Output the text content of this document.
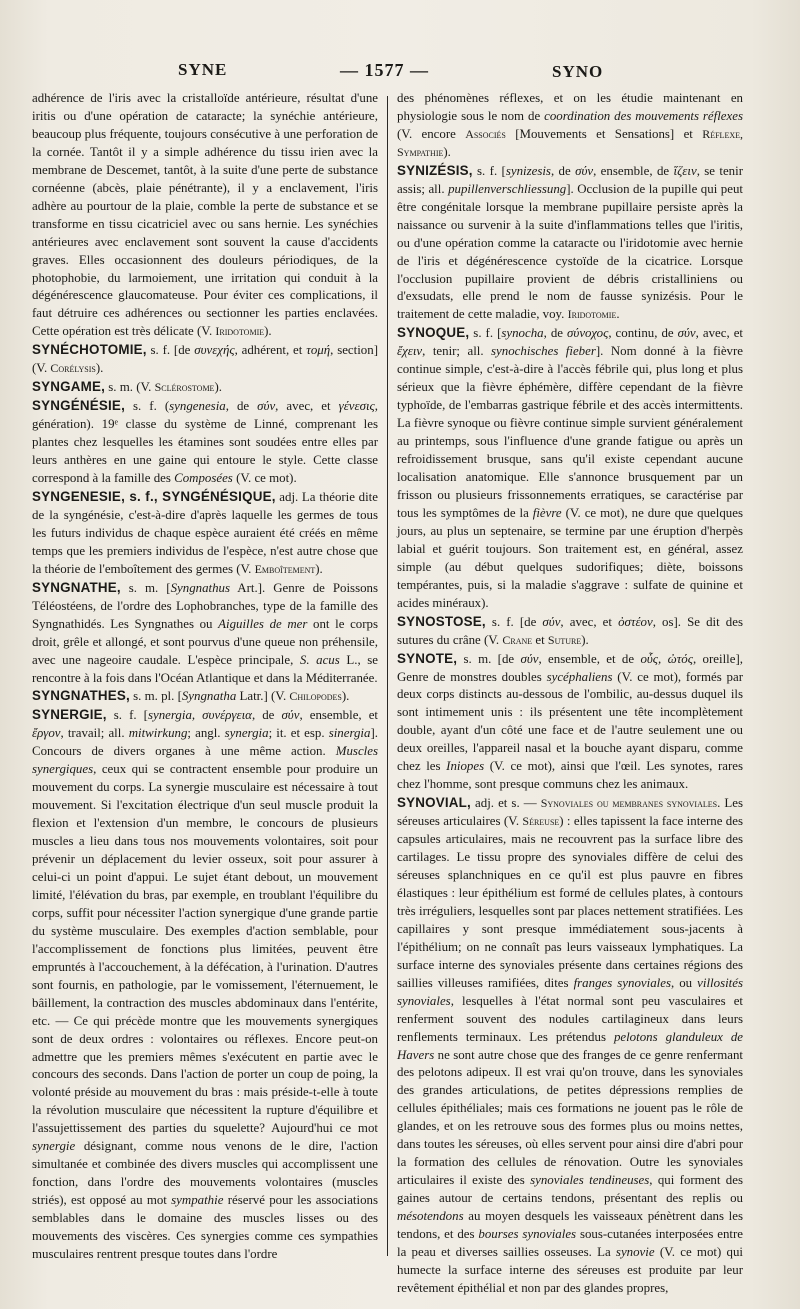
SYNE	— 1577 —	SYNO

adhérence de l'iris avec la cristalloïde antérieure, résultat d'une iritis ou d'une opération de cataracte; la synéchie antérieure, beaucoup plus fréquente, toujours consécutive à une perforation de la cornée. Tantôt il y a simple adhérence du tissu irien avec la membrane de Descemet, tantôt, à la suite d'une perte de substance cornéenne (abcès, plaie pénétrante), il y a enclavement, l'iris adhère au pourtour de la plaie, comble la perte de substance et se transforme en tissu cicatriciel avec ou sans hernie. Les synéchies antérieures avec enclavement sont souvent la cause d'accidents graves. Elles occasionnent des douleurs périodiques, de la photophobie, du larmoiement, une irritation qui conduit à la dégénérescence glaucomateuse. Pour éviter ces complications, il faut détruire ces adhérences ou sectionner les parties enclavées. Cette opération est très délicate (V. Iridotomie).

SYNÉCHOTOMIE, s. f. [de συνεχής, adhérent, et τομή, section] (V. Corélysis).

SYNGAME, s. m. (V. Sclérostome).

SYNGÉNÉSIE, s. f. (syngenesia, de σύν, avec, et γένεσις, génération). 19ᵉ classe du système de Linné, comprenant les plantes chez lesquelles les étamines sont soudées entre elles par leurs anthères en une gaine qui entoure le style. Cette classe correspond à la famille des Composées (V. ce mot).

SYNGENESIE, s. f., SYNGÉNÉSIQUE, adj. La théorie dite de la syngénésie, c'est-à-dire d'après laquelle les germes de tous les futurs individus de chaque espèce auraient été créés en même temps que les premiers individus de l'espèce, n'est autre chose que la théorie de l'emboîtement des germes (V. Emboîtement).

SYNGNATHE, s. m. [Syngnathus Art.]. Genre de Poissons Téléostéens, de l'ordre des Lophobranches, type de la famille des Syngnathidés. Les Syngnathes ou Aiguilles de mer ont le corps droit, grêle et allongé, et sont pourvus d'une queue non préhensile, avec une nageoire caudale. L'espèce principale, S. acus L., se rencontre à la fois dans l'Océan Atlantique et dans la Méditerranée.

SYNGNATHES, s. m. pl. [Syngnatha Latr.] (V. Chilopodes).

SYNERGIE, s. f. [synergia, συνέργεια, de σύν, ensemble, et ἔργον, travail; all. mitwirkung; angl. synergia; it. et esp. sinergia]. Concours de divers organes à une même action. Muscles synergiques, ceux qui se contractent ensemble pour produire un mouvement du corps. La synergie musculaire est nécessaire à tout mouvement. Si l'excitation électrique d'un seul muscle produit la flexion et l'extension d'un membre, le concours de plusieurs muscles a lieu dans tous nos mouvements volontaires, soit pour prévenir un déplacement du levier osseux, soit pour assurer à celui-ci un point d'appui. Le sujet étant debout, un mouvement limité, l'élévation du bras, par exemple, en troublant l'équilibre du corps, suffit pour nécessiter l'action synergique d'une grande partie du système musculaire. Des exemples d'action semblable, pour l'accomplissement de fonctions plus limitées, peuvent être empruntés à l'accouchement, à la défécation, à l'urination. D'autres sont fournis, en pathologie, par le vomissement, l'éternuement, le bâillement, la contraction des muscles abdominaux dans l'entérite, etc. — Ce qui précède montre que les mouvements synergiques sont de deux ordres : volontaires ou réflexes. Encore peut-on admettre que les premiers mêmes s'exécutent en partie avec le concours des seconds. Dans l'action de porter un coup de poing, la volonté préside au mouvement du bras : mais préside-t-elle à toute la révolution musculaire que nécessitent la rupture d'équilibre et l'assujettissement des parties du squelette? Aujourd'hui ce mot synergie désignant, comme nous venons de le dire, l'action simultanée et combinée des divers muscles qui accomplissent une fonction, dans l'ordre des mouvements volontaires (muscles striés), est opposé au mot sympathie réservé pour les associations semblables dans le domaine des muscles lisses ou des mouvements des viscères. Ces synergies comme ces sympathies musculaires rentrent presque toutes dans l'ordre

des phénomènes réflexes, et on les étudie maintenant en physiologie sous le nom de coordination des mouvements réflexes (V. encore Associés [Mouvements et Sensations] et Réflexe, Sympathie).

SYNIZÉSIS, s. f. [synizesis, de σύν, ensemble, de ἵζειν, se tenir assis; all. pupillenverschliessung]. Occlusion de la pupille qui peut être congénitale lorsque la membrane pupillaire persiste après la naissance ou survenir à la suite d'inflammations telles que l'iritis, ou d'une opération comme la cataracte ou l'iridotomie avec hernie de l'iris et dégénérescence cystoïde de la cicatrice. Lorsque l'occlusion pupillaire provient de débris cristalliniens ou d'exsudats, elle prend le nom de fausse synizésis. Pour le traitement de cette maladie, voy. Iridotomie.

SYNOQUE, s. f. [synocha, de σύνοχος, continu, de σύν, avec, et ἔχειν, tenir; all. synochisches fieber]. Nom donné à la fièvre continue simple, c'est-à-dire à l'accès fébrile qui, plus long et plus sérieux que la fièvre éphémère, diffère cependant de la fièvre typhoïde, de l'embarras gastrique fébrile et des accès intermittents. La fièvre synoque ou fièvre continue simple survient généralement au printemps, sous l'influence d'une grande fatigue ou après un refroidissement brusque, sans qu'il existe cependant aucune localisation anatomique. Elle s'annonce brusquement par un frisson ou plusieurs frissonnements erratiques, se caractérise par tous les symptômes de la fièvre (V. ce mot), ne dure que quelques jours, au plus un septenaire, se termine par une éruption d'herpès labial et guérit toujours. Son traitement est, en général, assez simple (au début quelques sudorifiques; diète, boissons tempérantes, puis, si la maladie s'aggrave : sulfate de quinine et acides minéraux).

SYNOSTOSE, s. f. [de σύν, avec, et ὀστέον, os]. Se dit des sutures du crâne (V. Crane et Suture).

SYNOTE, s. m. [de σύν, ensemble, et de οὖς, ὠτός, oreille], Genre de monstres doubles sycéphaliens (V. ce mot), formés par deux corps distincts au-dessous de l'ombilic, au-dessus duquel ils sont intimement unis : ils présentent une tête incomplètement double, ayant d'un côté une face et de l'autre seulement une ou deux oreilles, l'appareil nasal et la bouche ayant disparu, comme chez les Iniopes (V. ce mot), ainsi que l'œil. Les synotes, rares chez l'homme, sont presque communs chez les animaux.

SYNOVIAL, adj. et s. — Synoviales ou membranes synoviales. Les séreuses articulaires (V. Séreuse) : elles tapissent la face interne des capsules articulaires, mais ne recouvrent pas la surface libre des cartilages. Le tissu propre des synoviales diffère de celui des séreuses splanchniques en ce qu'il est plus pauvre en fibres élastiques : leur épithélium est formé de cellules plates, à contours très irréguliers, lesquelles sont par places nettement stratifiées. Les capillaires y sont presque immédiatement sous-jacents à l'épithélium; on ne connaît pas leurs vaisseaux lymphatiques. La surface interne des synoviales présente dans certaines régions des saillies villeuses ramifiées, dites franges synoviales, ou villosités synoviales, lesquelles à l'état normal sont peu vasculaires et renferment souvent des nodules cartilagineux dans leurs renflements terminaux. Les prétendus pelotons glanduleux de Havers ne sont autre chose que des franges de ce genre renfermant des pelotons adipeux. Il est vrai qu'on trouve, dans les synoviales des grandes articulations, de petites dépressions remplies de cellules épithéliales; mais ces formations ne jouent pas le rôle de glandes, et on les retrouve sous des formes plus ou moins nettes, dans toutes les séreuses, où elles servent pour ainsi dire d'abri pour la formation des cellules de rénovation. Outre les synoviales articulaires il existe des synoviales tendineuses, qui forment des gaines autour de certains tendons, présentant des replis ou mésotendons au moyen desquels les vaisseaux pénètrent dans les tendons, et des bourses synoviales sous-cutanées interposées entre la peau et diverses saillies osseuses. La synovie (V. ce mot) qui humecte la surface interne des séreuses est produite par leur revêtement épithélial et non par des glandes propres,
